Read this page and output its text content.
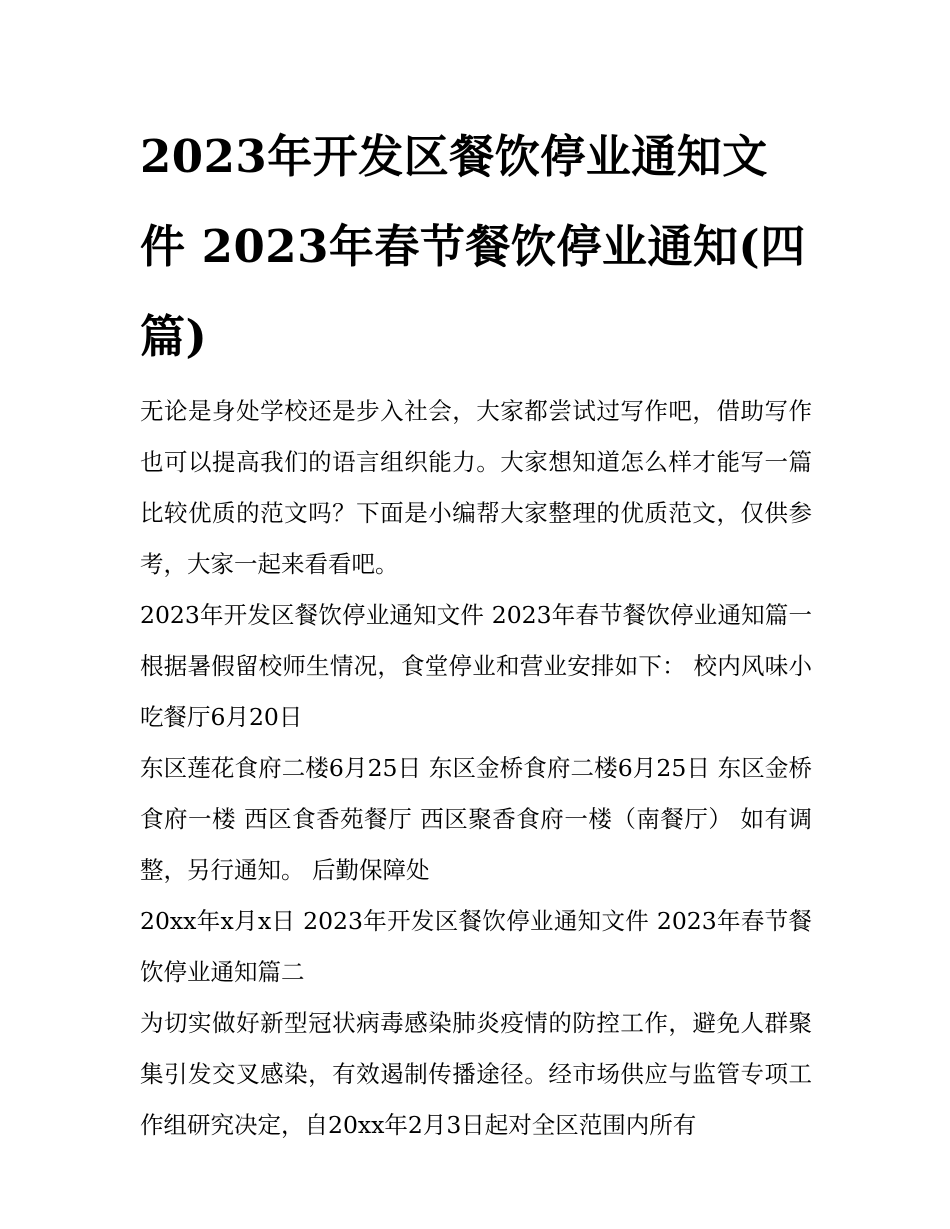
2023年开发区餐饮停业通知文件 2023年春节餐饮停业通知(四篇)

无论是身处学校还是步入社会，大家都尝试过写作吧，借助写作也可以提高我们的语言组织能力。大家想知道怎么样才能写一篇比较优质的范文吗？下面是小编帮大家整理的优质范文，仅供参考，大家一起来看看吧。

2023年开发区餐饮停业通知文件 2023年春节餐饮停业通知篇一 根据暑假留校师生情况，食堂停业和营业安排如下： 校内风味小吃餐厅6月20日

东区莲花食府二楼6月25日 东区金桥食府二楼6月25日 东区金桥食府一楼 西区食香苑餐厅 西区聚香食府一楼（南餐厅） 如有调整，另行通知。 后勤保障处

20xx年x月x日 2023年开发区餐饮停业通知文件 2023年春节餐饮停业通知篇二

为切实做好新型冠状病毒感染肺炎疫情的防控工作，避免人群聚集引发交叉感染，有效遏制传播途径。经市场供应与监管专项工作组研究决定，自20xx年2月3日起对全区范围内所有
